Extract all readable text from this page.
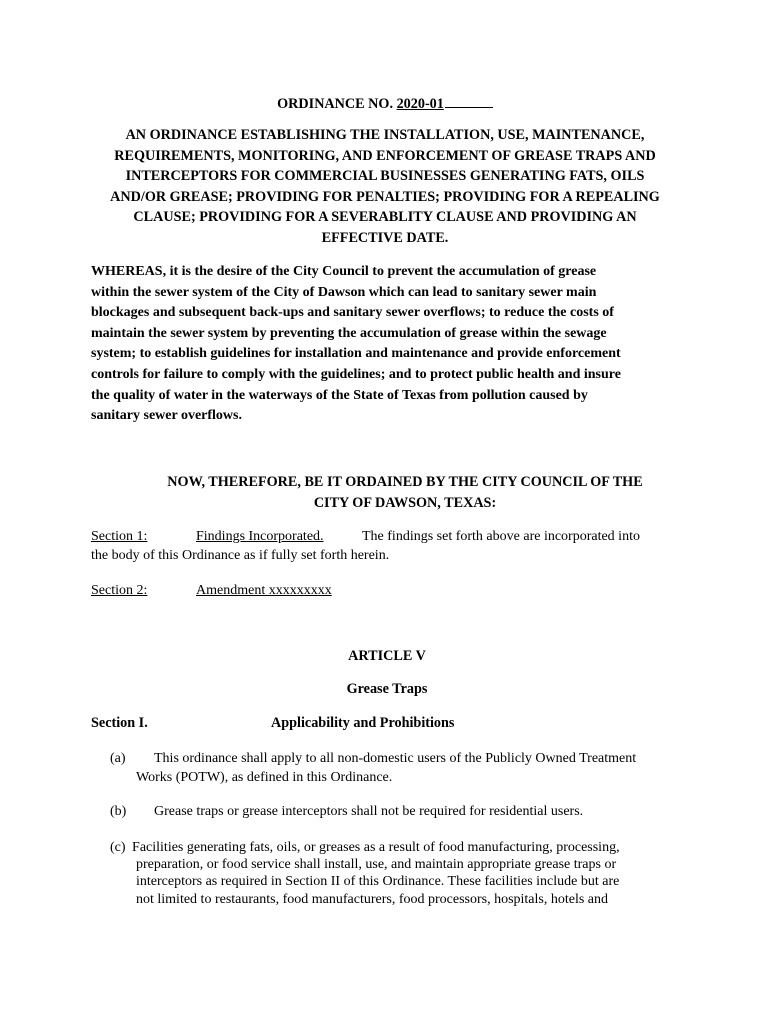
ORDINANCE NO. 2020-01
AN ORDINANCE ESTABLISHING THE INSTALLATION, USE, MAINTENANCE,
REQUIREMENTS, MONITORING, AND ENFORCEMENT OF GREASE TRAPS AND
INTERCEPTORS FOR COMMERCIAL BUSINESSES GENERATING FATS, OILS
AND/OR GREASE; PROVIDING FOR PENALTIES; PROVIDING FOR A REPEALING
CLAUSE; PROVIDING FOR A SEVERABLITY CLAUSE AND PROVIDING AN
EFFECTIVE DATE.
WHEREAS, it is the desire of the City Council to prevent the accumulation of grease
within the sewer system of the City of Dawson which can lead to sanitary sewer main
blockages and subsequent back-ups and sanitary sewer overflows; to reduce the costs of
maintain the sewer system by preventing the accumulation of grease within the sewage
system; to establish guidelines for installation and maintenance and provide enforcement
controls for failure to comply with the guidelines; and to protect public health and insure
the quality of water in the waterways of the State of Texas from pollution caused by
sanitary sewer overflows.
NOW, THEREFORE, BE IT ORDAINED BY THE CITY COUNCIL OF THE
CITY OF DAWSON, TEXAS:
Section 1:	Findings Incorporated.	The findings set forth above are incorporated into
the body of this Ordinance as if fully set forth herein.
Section 2:	Amendment xxxxxxxxx
ARTICLE V
Grease Traps
Section I.	Applicability and Prohibitions
(a) This ordinance shall apply to all non-domestic users of the Publicly Owned Treatment
Works (POTW), as defined in this Ordinance.
(b) Grease traps or grease interceptors shall not be required for residential users.
(c) Facilities generating fats, oils, or greases as a result of food manufacturing, processing,
preparation, or food service shall install, use, and maintain appropriate grease traps or
interceptors as required in Section II of this Ordinance. These facilities include but are
not limited to restaurants, food manufacturers, food processors, hospitals, hotels and
